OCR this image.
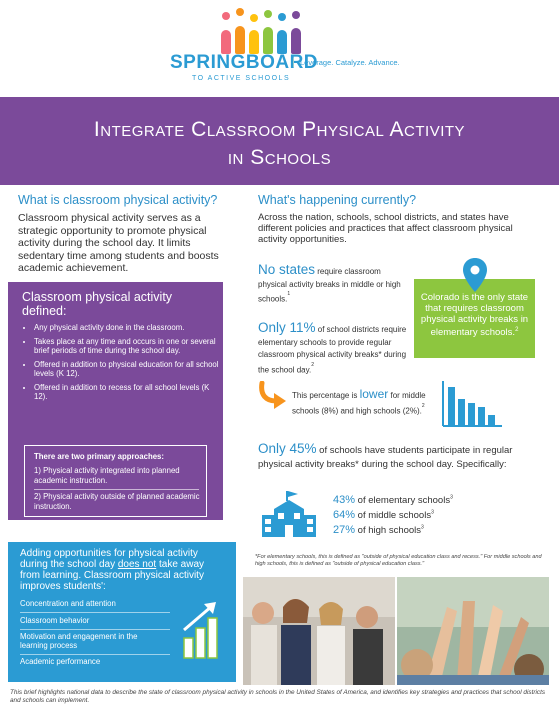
SPRINGBOARD
TO ACTIVE SCHOOLS
Leverage. Catalyze. Advance.
Integrate Classroom Physical Activity
in Schools
What is classroom physical activity?
Classroom physical activity serves as a strategic opportunity to promote physical activity during the school day. It limits sedentary time among students and boosts academic achievement.
Classroom physical activity defined:
• Any physical activity done in the classroom.
• Takes place at any time and occurs in one or several brief periods of time during the school day.
• Offered in addition to physical education for all school levels (K 12).
• Offered in addition to recess for all school levels (K 12).
There are two primary approaches:
1) Physical activity integrated into planned academic instruction.
2) Physical activity outside of planned academic instruction.
Adding opportunities for physical activity during the school day does not take away from learning. Classroom physical activity improves students':
Concentration and attention
Classroom behavior
Motivation and engagement in the learning process
Academic performance
What's happening currently?
Across the nation, schools, school districts, and states have different policies and practices that affect classroom physical activity opportunities.
No states require classroom physical activity breaks in middle or high schools.$^1$	Colorado is the only state that requires classroom physical activity breaks in elementary schools.$^2$
Only 11% of school districts require elementary schools to provide regular classroom physical activity breaks* during the school day.$^2$
This percentage is lower for middle schools (8%) and high schools (2%).$^2$
Only 45% of schools have students participate in regular physical activity breaks* during the school day. Specifically:
43% of elementary schools$^3$
64% of middle schools$^3$
27% of high schools$^3$
*For elementary schools, this is defined as "outside of physical education class and recess." For middle schools and high schools, this is defined as "outside of physical education class."
This brief highlights national data to describe the state of classroom physical activity in schools in the United States of America, and identifies key strategies and practices that school districts and schools can implement.
